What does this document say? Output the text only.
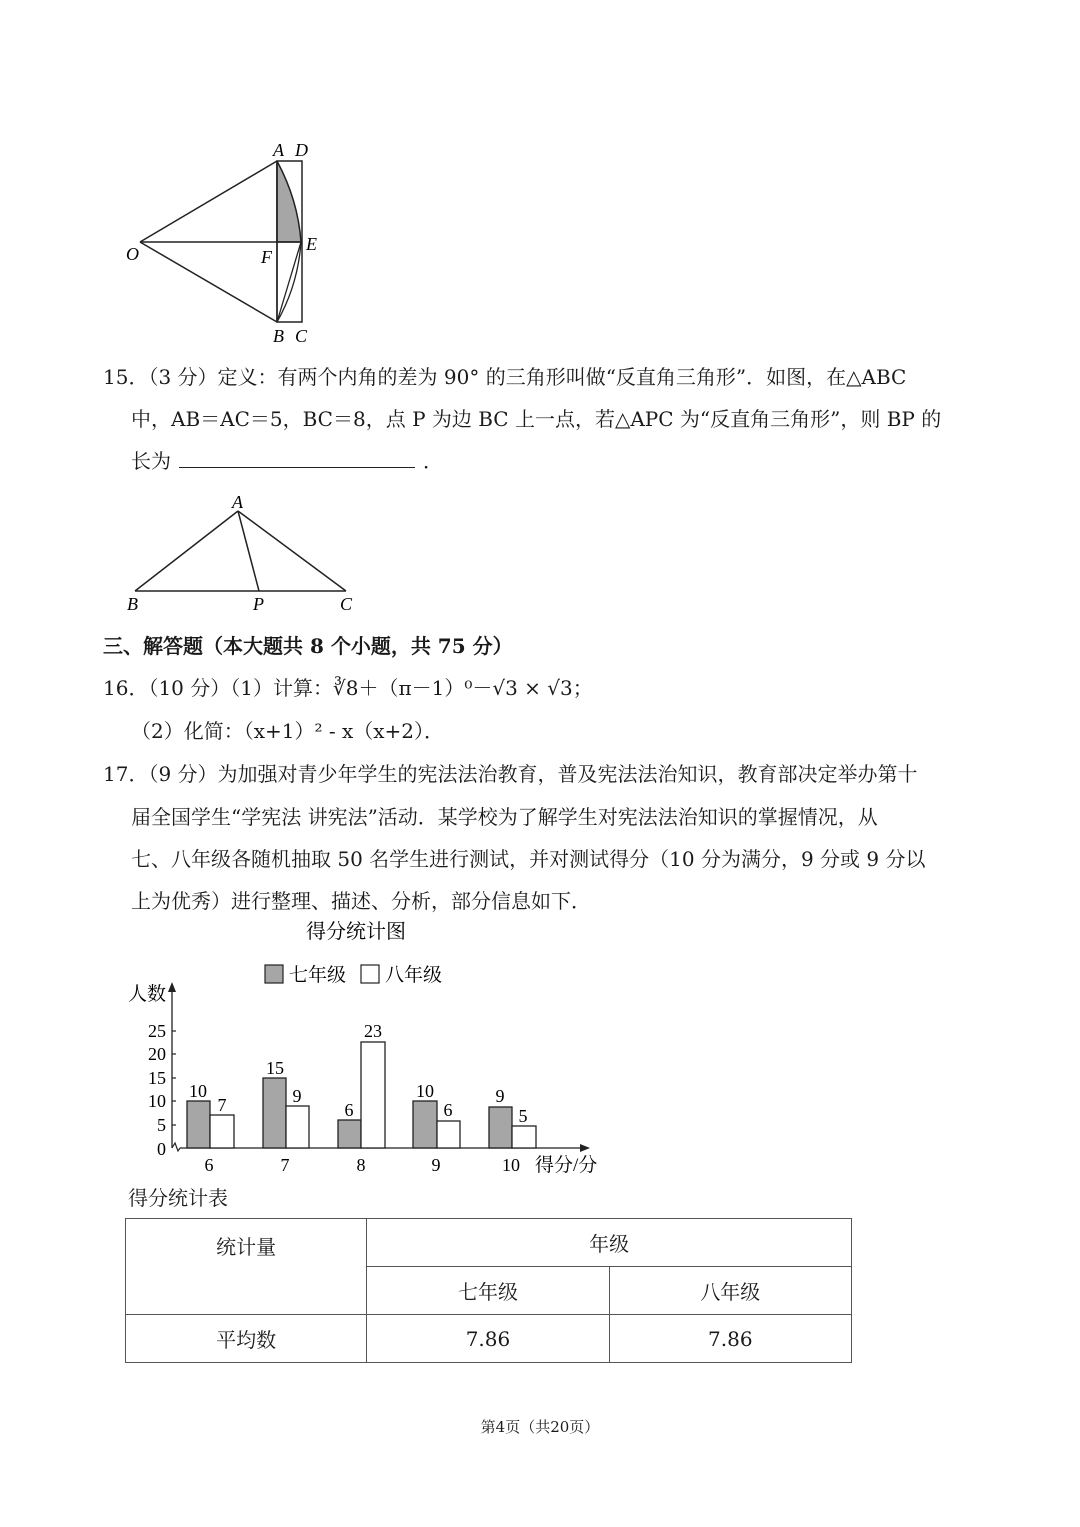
A D
O	F
E
B C
15．（3 分）定义：有两个内角的差为 90° 的三角形叫做“反直角三角形”．如图，在△ABC
中，AB＝AC＝5，BC＝8，点 P 为边 BC 上一点，若△APC 为“反直角三角形”，则 BP 的
长为	．
A
B	P	C
三、解答题（本大题共 8 个小题，共 75 分）
16．（10 分）（1）计算：∛8＋（π－1）⁰－√3 × √3；
（2）化简：（x+1）² - x（x+2）．
17．（9 分）为加强对青少年学生的宪法法治教育，普及宪法法治知识，教育部决定举办第十
届全国学生“学宪法 讲宪法”活动．某学校为了解学生对宪法法治知识的掌握情况，从
七、八年级各随机抽取 50 名学生进行测试，并对测试得分（10 分为满分，9 分或 9 分以
上为优秀）进行整理、描述、分析，部分信息如下．
得分统计图
七年级 八年级
人数
0
5
10
15
20
25
10
7
15
9
6
23
10
6
9
5
6	7	8	9	10 得分/分
得分统计表
统计量	年级	
	七年级	八年级
平均数	7.86	7.86
第4页（共20页）
